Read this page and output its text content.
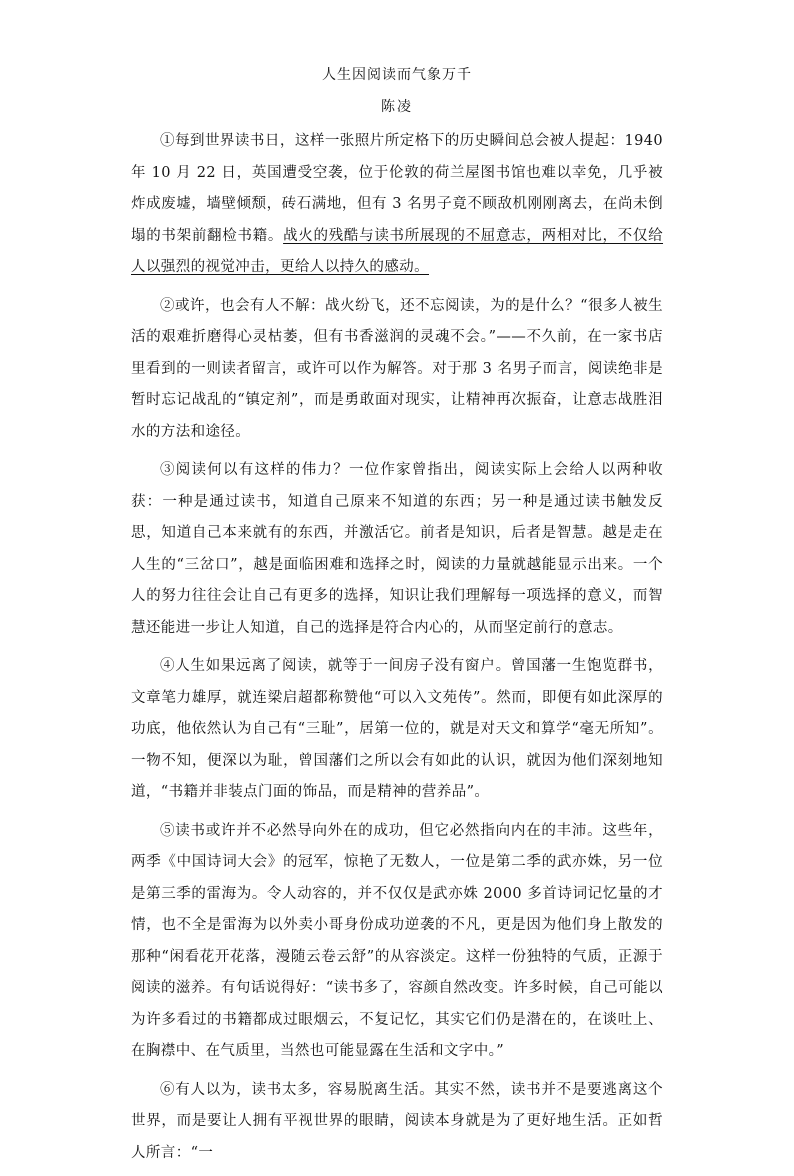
人生因阅读而气象万千
陈凌

①每到世界读书日，这样一张照片所定格下的历史瞬间总会被人提起：1940 年 10 月 22 日，英国遭受空袭，位于伦敦的荷兰屋图书馆也难以幸免，几乎被炸成废墟，墙壁倾颓，砖石满地，但有 3 名男子竟不顾敌机刚刚离去，在尚未倒塌的书架前翻检书籍。战火的残酷与读书所展现的不屈意志，两相对比，不仅给人以强烈的视觉冲击，更给人以持久的感动。

②或许，也会有人不解：战火纷飞，还不忘阅读，为的是什么？“很多人被生活的艰难折磨得心灵枯萎，但有书香滋润的灵魂不会。”——不久前，在一家书店里看到的一则读者留言，或许可以作为解答。对于那 3 名男子而言，阅读绝非是暂时忘记战乱的“镇定剂”，而是勇敢面对现实，让精神再次振奋，让意志战胜泪水的方法和途径。

③阅读何以有这样的伟力？一位作家曾指出，阅读实际上会给人以两种收获：一种是通过读书，知道自己原来不知道的东西；另一种是通过读书触发反思，知道自己本来就有的东西，并激活它。前者是知识，后者是智慧。越是走在人生的“三岔口”，越是面临困难和选择之时，阅读的力量就越能显示出来。一个人的努力往往会让自己有更多的选择，知识让我们理解每一项选择的意义，而智慧还能进一步让人知道，自己的选择是符合内心的，从而坚定前行的意志。

④人生如果远离了阅读，就等于一间房子没有窗户。曾国藩一生饱览群书，文章笔力雄厚，就连梁启超都称赞他“可以入文苑传”。然而，即便有如此深厚的功底，他依然认为自己有“三耻”，居第一位的，就是对天文和算学“毫无所知”。一物不知，便深以为耻，曾国藩们之所以会有如此的认识，就因为他们深刻地知道，“书籍并非装点门面的饰品，而是精神的营养品”。

⑤读书或许并不必然导向外在的成功，但它必然指向内在的丰沛。这些年，两季《中国诗词大会》的冠军，惊艳了无数人，一位是第二季的武亦姝，另一位是第三季的雷海为。令人动容的，并不仅仅是武亦姝 2000 多首诗词记忆量的才情，也不全是雷海为以外卖小哥身份成功逆袭的不凡，更是因为他们身上散发的那种“闲看花开花落，漫随云卷云舒”的从容淡定。这样一份独特的气质，正源于阅读的滋养。有句话说得好：“读书多了，容颜自然改变。许多时候，自己可能以为许多看过的书籍都成过眼烟云，不复记忆，其实它们仍是潜在的，在谈吐上、在胸襟中、在气质里，当然也可能显露在生活和文字中。”

⑥有人以为，读书太多，容易脱离生活。其实不然，读书并不是要逃离这个世界，而是要让人拥有平视世界的眼睛，阅读本身就是为了更好地生活。正如哲人所言：“一
